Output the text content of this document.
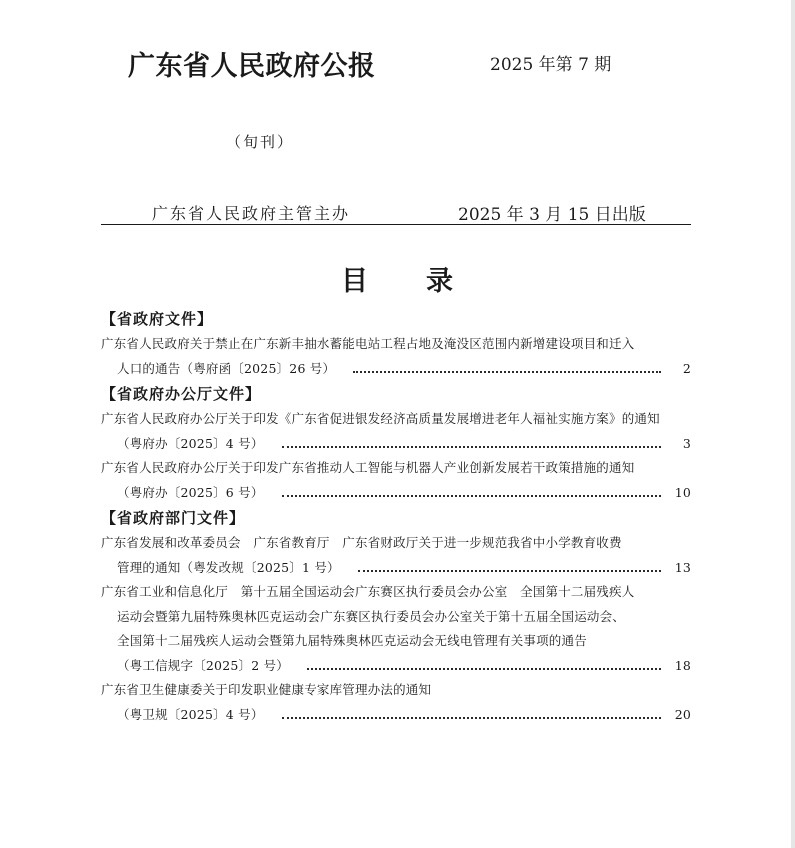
广东省人民政府公报	2025 年第 7 期
（旬刊）
广东省人民政府主管主办	2025 年 3 月 15 日出版
目 录
【省政府文件】
广东省人民政府关于禁止在广东新丰抽水蓄能电站工程占地及淹没区范围内新增建设项目和迁入
人口的通告（粤府函〔2025〕26 号）	2
【省政府办公厅文件】
广东省人民政府办公厅关于印发《广东省促进银发经济高质量发展增进老年人福祉实施方案》的通知
（粤府办〔2025〕4 号）	3
广东省人民政府办公厅关于印发广东省推动人工智能与机器人产业创新发展若干政策措施的通知
（粤府办〔2025〕6 号）	10
【省政府部门文件】
广东省发展和改革委员会　广东省教育厅　广东省财政厅关于进一步规范我省中小学教育收费
管理的通知（粤发改规〔2025〕1 号）	13
广东省工业和信息化厅　第十五届全国运动会广东赛区执行委员会办公室　全国第十二届残疾人
运动会暨第九届特殊奥林匹克运动会广东赛区执行委员会办公室关于第十五届全国运动会、
全国第十二届残疾人运动会暨第九届特殊奥林匹克运动会无线电管理有关事项的通告
（粤工信规字〔2025〕2 号）	18
广东省卫生健康委关于印发职业健康专家库管理办法的通知
（粤卫规〔2025〕4 号）	20
